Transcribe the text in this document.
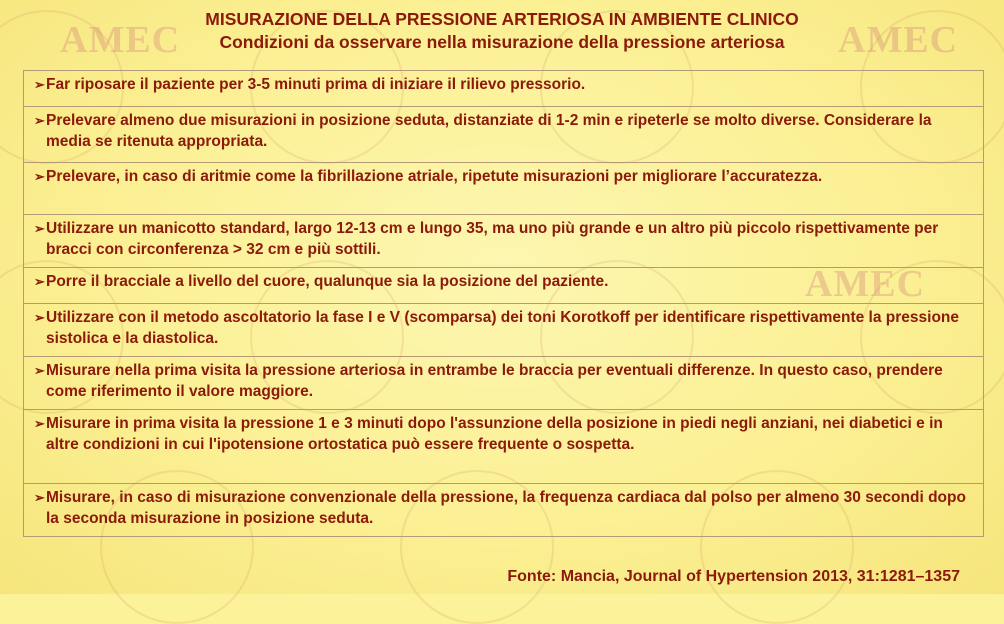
AMEC	AMEC
AMEC
MISURAZIONE DELLA PRESSIONE ARTERIOSA IN AMBIENTE CLINICO
Condizioni da osservare nella misurazione della pressione arteriosa
➢ Far riposare il paziente per 3-5 minuti prima di iniziare il rilievo pressorio.
➢ Prelevare almeno due misurazioni in posizione seduta, distanziate di 1-2 min e ripeterle se molto diverse. Considerare la media se ritenuta appropriata.
➢ Prelevare, in caso di aritmie come la fibrillazione atriale, ripetute misurazioni per migliorare l’accuratezza.
➢ Utilizzare un manicotto standard, largo 12-13 cm e lungo 35, ma uno più grande e un altro più piccolo rispettivamente per bracci con circonferenza > 32 cm e più sottili.
➢ Porre il bracciale a livello del cuore, qualunque sia la posizione del paziente.
➢ Utilizzare con il metodo ascoltatorio la fase I e V (scomparsa) dei toni Korotkoff per identificare rispettivamente la pressione sistolica e la diastolica.
➢ Misurare nella prima visita la pressione arteriosa in entrambe le braccia per eventuali differenze. In questo caso, prendere come riferimento il valore maggiore.
➢ Misurare in prima visita la pressione 1 e 3 minuti dopo l'assunzione della posizione in piedi negli anziani, nei diabetici e in altre condizioni in cui l'ipotensione ortostatica può essere frequente o sospetta.
➢ Misurare, in caso di misurazione convenzionale della pressione, la frequenza cardiaca dal polso per almeno 30 secondi dopo la seconda misurazione in posizione seduta.
Fonte: Mancia, Journal of Hypertension 2013, 31:1281–1357
